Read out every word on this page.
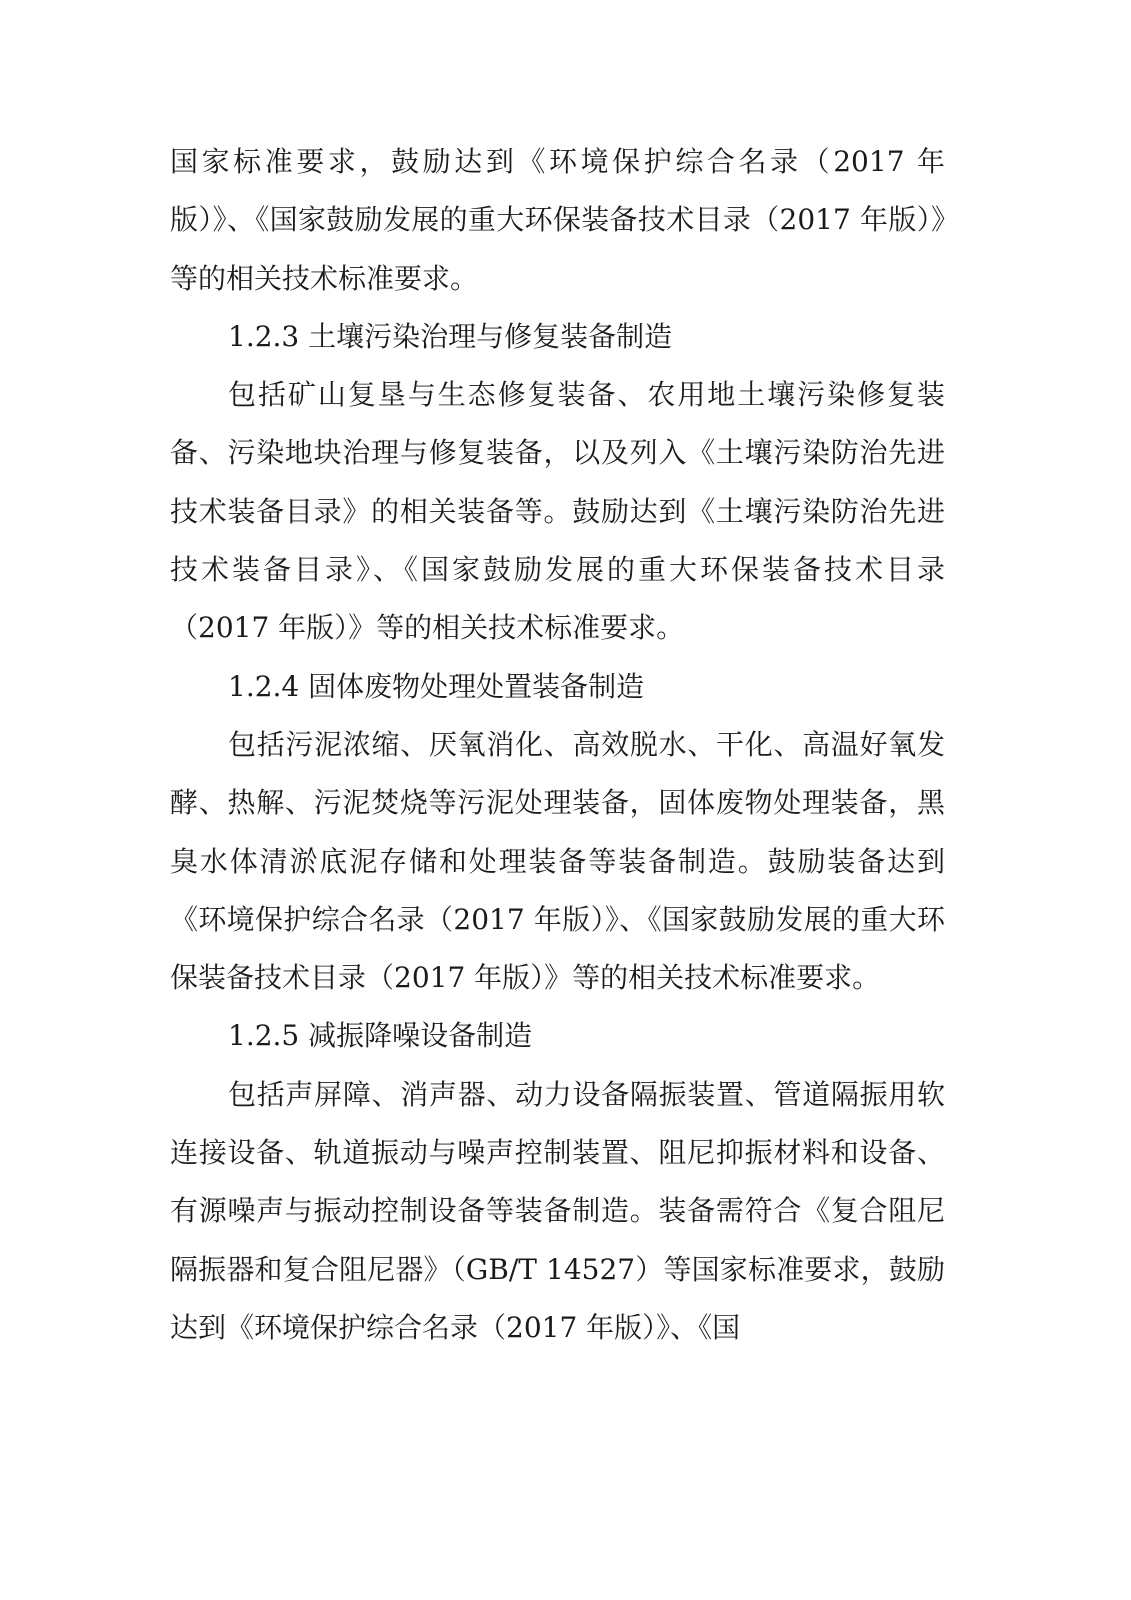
国家标准要求，鼓励达到《环境保护综合名录（2017 年版）》、《国家鼓励发展的重大环保装备技术目录（2017 年版）》等的相关技术标准要求。

1.2.3 土壤污染治理与修复装备制造

包括矿山复垦与生态修复装备、农用地土壤污染修复装备、污染地块治理与修复装备，以及列入《土壤污染防治先进技术装备目录》的相关装备等。鼓励达到《土壤污染防治先进技术装备目录》、《国家鼓励发展的重大环保装备技术目录（2017 年版）》等的相关技术标准要求。

1.2.4 固体废物处理处置装备制造

包括污泥浓缩、厌氧消化、高效脱水、干化、高温好氧发酵、热解、污泥焚烧等污泥处理装备，固体废物处理装备，黑臭水体清淤底泥存储和处理装备等装备制造。鼓励装备达到《环境保护综合名录（2017 年版）》、《国家鼓励发展的重大环保装备技术目录（2017 年版）》等的相关技术标准要求。

1.2.5 减振降噪设备制造

包括声屏障、消声器、动力设备隔振装置、管道隔振用软连接设备、轨道振动与噪声控制装置、阻尼抑振材料和设备、有源噪声与振动控制设备等装备制造。装备需符合《复合阻尼隔振器和复合阻尼器》（GB/T 14527）等国家标准要求，鼓励达到《环境保护综合名录（2017 年版）》、《国
